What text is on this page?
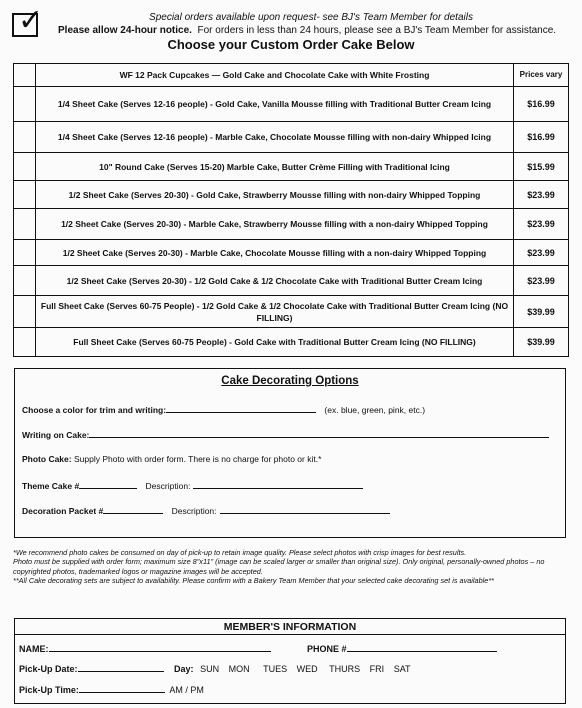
✓	Special orders available upon request- see BJ's Team Member for details
Please allow 24-hour notice. For orders in less than 24 hours, please see a BJ's Team Member for assistance.
Choose your Custom Order Cake Below
	WF 12 Pack Cupcakes — Gold Cake and Chocolate Cake with White Frosting	Prices vary
	1/4 Sheet Cake (Serves 12-16 people) - Gold Cake, Vanilla Mousse filling with Traditional Butter Cream Icing	$16.99
	1/4 Sheet Cake (Serves 12-16 people) - Marble Cake, Chocolate Mousse filling with non-dairy Whipped Icing	$16.99
	10" Round Cake (Serves 15-20) Marble Cake, Butter Crème Filling with Traditional Icing	$15.99
	1/2 Sheet Cake (Serves 20-30) - Gold Cake, Strawberry Mousse filling with non-dairy Whipped Topping	$23.99
	1/2 Sheet Cake (Serves 20-30) - Marble Cake, Strawberry Mousse filling with a non-dairy Whipped Topping	$23.99
	1/2 Sheet Cake (Serves 20-30) - Marble Cake, Chocolate Mousse filling with a non-dairy Whipped Topping	$23.99
	1/2 Sheet Cake (Serves 20-30) - 1/2 Gold Cake & 1/2 Chocolate Cake with Traditional Butter Cream Icing	$23.99
	Full Sheet Cake (Serves 60-75 People) - 1/2 Gold Cake & 1/2 Chocolate Cake with Traditional Butter Cream Icing (NO FILLING)	$39.99
	Full Sheet Cake (Serves 60-75 People) - Gold Cake with Traditional Butter Cream Icing (NO FILLING)	$39.99
Cake Decorating Options
Choose a color for trim and writing:	(ex. blue, green, pink, etc.)
Writing on Cake:
Photo Cake: Supply Photo with order form. There is no charge for photo or kit.*
Theme Cake #	Description:
Decoration Packet #	Description:
*We recommend photo cakes be consumed on day of pick-up to retain image quality. Please select photos with crisp images for best results.
Photo must be supplied with order form; maximum size 8"x11" (image can be scaled larger or smaller than original size). Only original, personally-owned photos – no copyrighted photos, trademarked logos or magazine images will be accepted.
**All Cake decorating sets are subject to availability. Please confirm with a Bakery Team Member that your selected cake decorating set is available**
MEMBER'S INFORMATION
NAME:	PHONE #
Pick-Up Date:	Day: SUN MON TUES WED THURS FRI SAT
Pick-Up Time:	AM / PM
